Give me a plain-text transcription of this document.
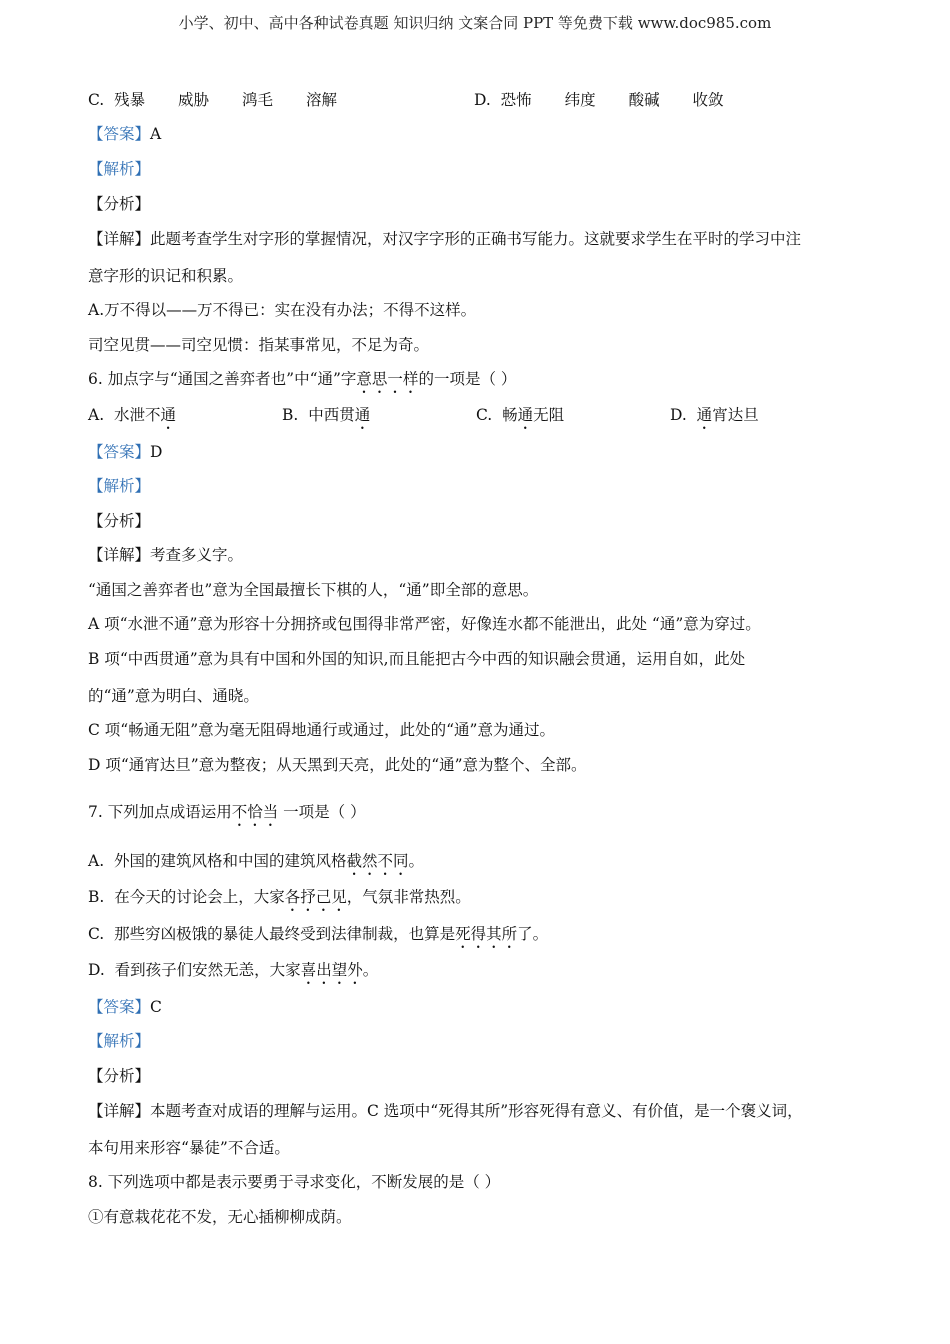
小学、初中、高中各种试卷真题 知识归纳 文案合同 PPT 等免费下载 www.doc985.com
C. 残暴 威胁 鸿毛 溶解	D. 恐怖 纬度 酸碱 收敛
【答案】A
【解析】
【分析】
【详解】此题考查学生对字形的掌握情况，对汉字字形的正确书写能力。这就要求学生在平时的学习中注
意字形的识记和积累。
A.万不得以——万不得已：实在没有办法；不得不这样。
司空见贯——司空见惯：指某事常见，不足为奇。
6. 加点字与“通国之善弈者也”中“通”字意思一样的一项是（ ）
A. 水泄不通	B. 中西贯通	C. 畅通无阻	D. 通宵达旦
【答案】D
【解析】
【分析】
【详解】考查多义字。
“通国之善弈者也”意为全国最擅长下棋的人，“通”即全部的意思。
A 项“水泄不通”意为形容十分拥挤或包围得非常严密，好像连水都不能泄出，此处 “通”意为穿过。
B 项“中西贯通”意为具有中国和外国的知识,而且能把古今中西的知识融会贯通，运用自如，此处
的“通”意为明白、通晓。
C 项“畅通无阻”意为毫无阻碍地通行或通过，此处的“通”意为通过。
D 项“通宵达旦”意为整夜；从天黑到天亮，此处的“通”意为整个、全部。
7. 下列加点成语运用不恰当 一项是（ ）
A. 外国的建筑风格和中国的建筑风格截然不同。
B. 在今天的讨论会上，大家各抒己见，气氛非常热烈。
C. 那些穷凶极饿的暴徒人最终受到法律制裁，也算是死得其所了。
D. 看到孩子们安然无恙，大家喜出望外。
【答案】C
【解析】
【分析】
【详解】本题考查对成语的理解与运用。C 选项中“死得其所”形容死得有意义、有价值，是一个褒义词，
本句用来形容“暴徒”不合适。
8. 下列选项中都是表示要勇于寻求变化，不断发展的是（ ）
①有意栽花花不发，无心插柳柳成荫。
